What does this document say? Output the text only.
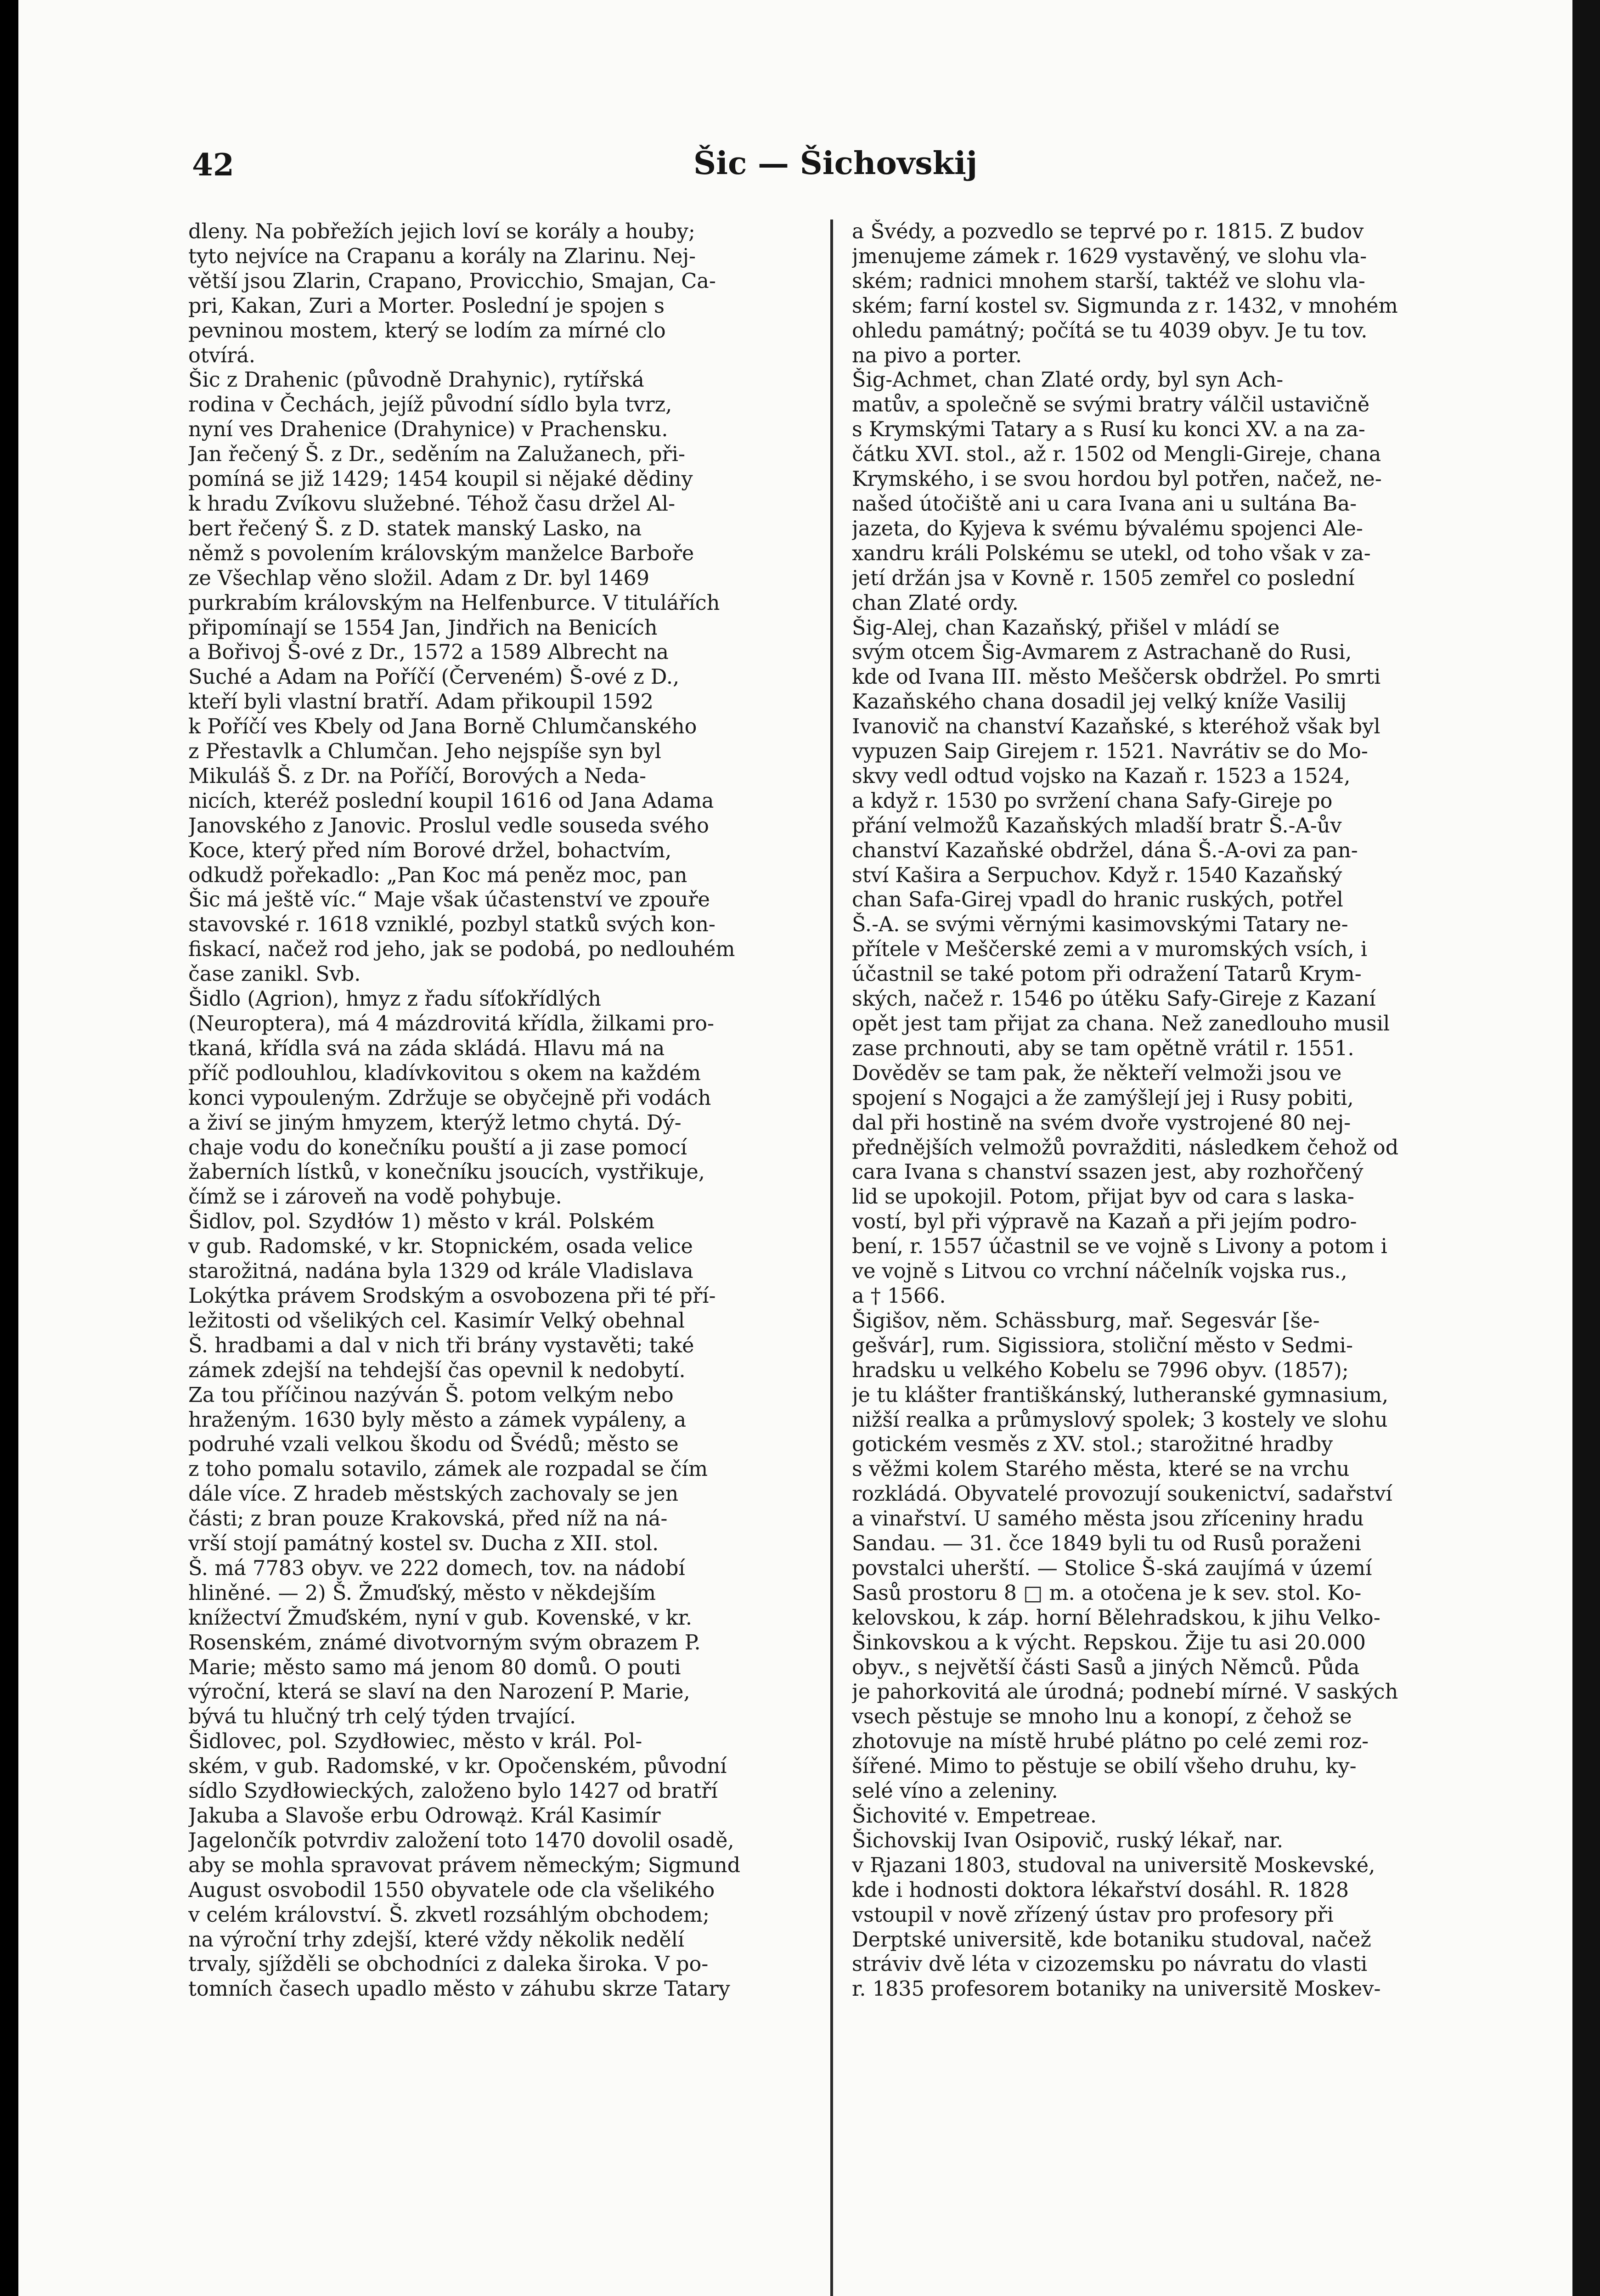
42	Šic — Šichovskij
dleny. Na pobřežích jejich loví se korály a houby;
tyto nejvíce na Crapanu a korály na Zlarinu. Nej-
větší jsou Zlarin, Crapano, Provicchio, Smajan, Ca-
pri, Kakan, Zuri a Morter. Poslední je spojen s
pevninou mostem, který se lodím za mírné clo
otvírá.
Šic z Drahenic (původně Drahynic), rytířská
rodina v Čechách, jejíž původní sídlo byla tvrz,
nyní ves Drahenice (Drahynice) v Prachensku.
Jan řečený Š. z Dr., seděním na Zalužanech, při-
pomíná se již 1429; 1454 koupil si nějaké dědiny
k hradu Zvíkovu služebné. Téhož času držel Al-
bert řečený Š. z D. statek manský Lasko, na
němž s povolením královským manželce Barboře
ze Všechlap věno složil. Adam z Dr. byl 1469
purkrabím královským na Helfenburce. V titulářích
připomínají se 1554 Jan, Jindřich na Benicích
a Bořivoj Š-ové z Dr., 1572 a 1589 Albrecht na
Suché a Adam na Poříčí (Červeném) Š-ové z D.,
kteří byli vlastní bratří. Adam přikoupil 1592
k Poříčí ves Kbely od Jana Borně Chlumčanského
z Přestavlk a Chlumčan. Jeho nejspíše syn byl
Mikuláš Š. z Dr. na Poříčí, Borových a Neda-
nicích, kteréž poslední koupil 1616 od Jana Adama
Janovského z Janovic. Proslul vedle souseda svého
Koce, který před ním Borové držel, bohactvím,
odkudž pořekadlo: „Pan Koc má peněz moc, pan
Šic má ještě víc.“ Maje však účastenství ve zpouře
stavovské r. 1618 vzniklé, pozbyl statků svých kon-
fiskací, načež rod jeho, jak se podobá, po nedlouhém
čase zanikl. Svb.
Šidlo (Agrion), hmyz z řadu síťokřídlých
(Neuroptera), má 4 mázdrovitá křídla, žilkami pro-
tkaná, křídla svá na záda skládá. Hlavu má na
příč podlouhlou, kladívkovitou s okem na každém
konci vypouleným. Zdržuje se obyčejně při vodách
a živí se jiným hmyzem, kterýž letmo chytá. Dý-
chaje vodu do konečníku pouští a ji zase pomocí
žaberních lístků, v konečníku jsoucích, vystřikuje,
čímž se i zároveň na vodě pohybuje.
Šidlov, pol. Szydłów 1) město v král. Polském
v gub. Radomské, v kr. Stopnickém, osada velice
starožitná, nadána byla 1329 od krále Vladislava
Lokýtka právem Srodským a osvobozena při té pří-
ležitosti od všelikých cel. Kasimír Velký obehnal
Š. hradbami a dal v nich tři brány vystavěti; také
zámek zdejší na tehdejší čas opevnil k nedobytí.
Za tou příčinou nazýván Š. potom velkým nebo
hraženým. 1630 byly město a zámek vypáleny, a
podruhé vzali velkou škodu od Švédů; město se
z toho pomalu sotavilo, zámek ale rozpadal se čím
dále více. Z hradeb městských zachovaly se jen
části; z bran pouze Krakovská, před níž na ná-
vrší stojí památný kostel sv. Ducha z XII. stol.
Š. má 7783 obyv. ve 222 domech, tov. na nádobí
hliněné. — 2) Š. Žmuďský, město v někdejším
knížectví Žmuďském, nyní v gub. Kovenské, v kr.
Rosenském, známé divotvorným svým obrazem P.
Marie; město samo má jenom 80 domů. O pouti
výroční, která se slaví na den Narození P. Marie,
bývá tu hlučný trh celý týden trvající.
Šidlovec, pol. Szydłowiec, město v král. Pol-
ském, v gub. Radomské, v kr. Opočenském, původní
sídlo Szydłowieckých, založeno bylo 1427 od bratří
Jakuba a Slavoše erbu Odrowąż. Král Kasimír
Jagelončík potvrdiv založení toto 1470 dovolil osadě,
aby se mohla spravovat právem německým; Sigmund
August osvobodil 1550 obyvatele ode cla všelikého
v celém království. Š. zkvetl rozsáhlým obchodem;
na výroční trhy zdejší, které vždy několik nedělí
trvaly, sjížděli se obchodníci z daleka široka. V po-
tomních časech upadlo město v záhubu skrze Tatary
a Švédy, a pozvedlo se teprvé po r. 1815. Z budov
jmenujeme zámek r. 1629 vystavěný, ve slohu vla-
ském; radnici mnohem starší, taktéž ve slohu vla-
ském; farní kostel sv. Sigmunda z r. 1432, v mnohém
ohledu památný; počítá se tu 4039 obyv. Je tu tov.
na pivo a porter.
Šig-Achmet, chan Zlaté ordy, byl syn Ach-
matův, a společně se svými bratry válčil ustavičně
s Krymskými Tatary a s Rusí ku konci XV. a na za-
čátku XVI. stol., až r. 1502 od Mengli-Gireje, chana
Krymského, i se svou hordou byl potřen, načež, ne-
našed útočiště ani u cara Ivana ani u sultána Ba-
jazeta, do Kyjeva k svému bývalému spojenci Ale-
xandru králi Polskému se utekl, od toho však v za-
jetí držán jsa v Kovně r. 1505 zemřel co poslední
chan Zlaté ordy.
Šig-Alej, chan Kazaňský, přišel v mládí se
svým otcem Šig-Avmarem z Astrachaně do Rusi,
kde od Ivana III. město Meščersk obdržel. Po smrti
Kazaňského chana dosadil jej velký kníže Vasilij
Ivanovič na chanství Kazaňské, s kteréhož však byl
vypuzen Saip Girejem r. 1521. Navrátiv se do Mo-
skvy vedl odtud vojsko na Kazaň r. 1523 a 1524,
a když r. 1530 po svržení chana Safy-Gireje po
přání velmožů Kazaňských mladší bratr Š.-A-ův
chanství Kazaňské obdržel, dána Š.-A-ovi za pan-
ství Kašira a Serpuchov. Když r. 1540 Kazaňský
chan Safa-Girej vpadl do hranic ruských, potřel
Š.-A. se svými věrnými kasimovskými Tatary ne-
přítele v Meščerské zemi a v muromských vsích, i
účastnil se také potom při odražení Tatarů Krym-
ských, načež r. 1546 po útěku Safy-Gireje z Kazaní
opět jest tam přijat za chana. Než zanedlouho musil
zase prchnouti, aby se tam opětně vrátil r. 1551.
Dověděv se tam pak, že někteří velmoži jsou ve
spojení s Nogajci a že zamýšlejí jej i Rusy pobiti,
dal při hostině na svém dvoře vystrojené 80 nej-
přednějších velmožů povražditi, následkem čehož od
cara Ivana s chanství ssazen jest, aby rozhořčený
lid se upokojil. Potom, přijat byv od cara s laska-
vostí, byl při výpravě na Kazaň a při jejím podro-
bení, r. 1557 účastnil se ve vojně s Livony a potom i
ve vojně s Litvou co vrchní náčelník vojska rus.,
a † 1566.
Šigišov, něm. Schässburg, mař. Segesvár [še-
gešvár], rum. Sigissiora, stoliční město v Sedmi-
hradsku u velkého Kobelu se 7996 obyv. (1857);
je tu klášter františkánský, lutheranské gymnasium,
nižší realka a průmyslový spolek; 3 kostely ve slohu
gotickém vesměs z XV. stol.; starožitné hradby
s věžmi kolem Starého města, které se na vrchu
rozkládá. Obyvatelé provozují soukenictví, sadařství
a vinařství. U samého města jsou zříceniny hradu
Sandau. — 31. čce 1849 byli tu od Rusů poraženi
povstalci uherští. — Stolice Š-ská zaujímá v území
Sasů prostoru 8 □ m. a otočena je k sev. stol. Ko-
kelovskou, k záp. horní Bělehradskou, k jihu Velko-
Šinkovskou a k výcht. Repskou. Žije tu asi 20.000
obyv., s největší části Sasů a jiných Němců. Půda
je pahorkovitá ale úrodná; podnebí mírné. V saských
vsech pěstuje se mnoho lnu a konopí, z čehož se
zhotovuje na místě hrubé plátno po celé zemi roz-
šířené. Mimo to pěstuje se obilí všeho druhu, ky-
selé víno a zeleniny.
Šichovité v. Empetreae.
Šichovskij Ivan Osipovič, ruský lékař, nar.
v Rjazani 1803, studoval na universitě Moskevské,
kde i hodnosti doktora lékařství dosáhl. R. 1828
vstoupil v nově zřízený ústav pro profesory při
Derptské universitě, kde botaniku studoval, načež
stráviv dvě léta v cizozemsku po návratu do vlasti
r. 1835 profesorem botaniky na universitě Moskev-
